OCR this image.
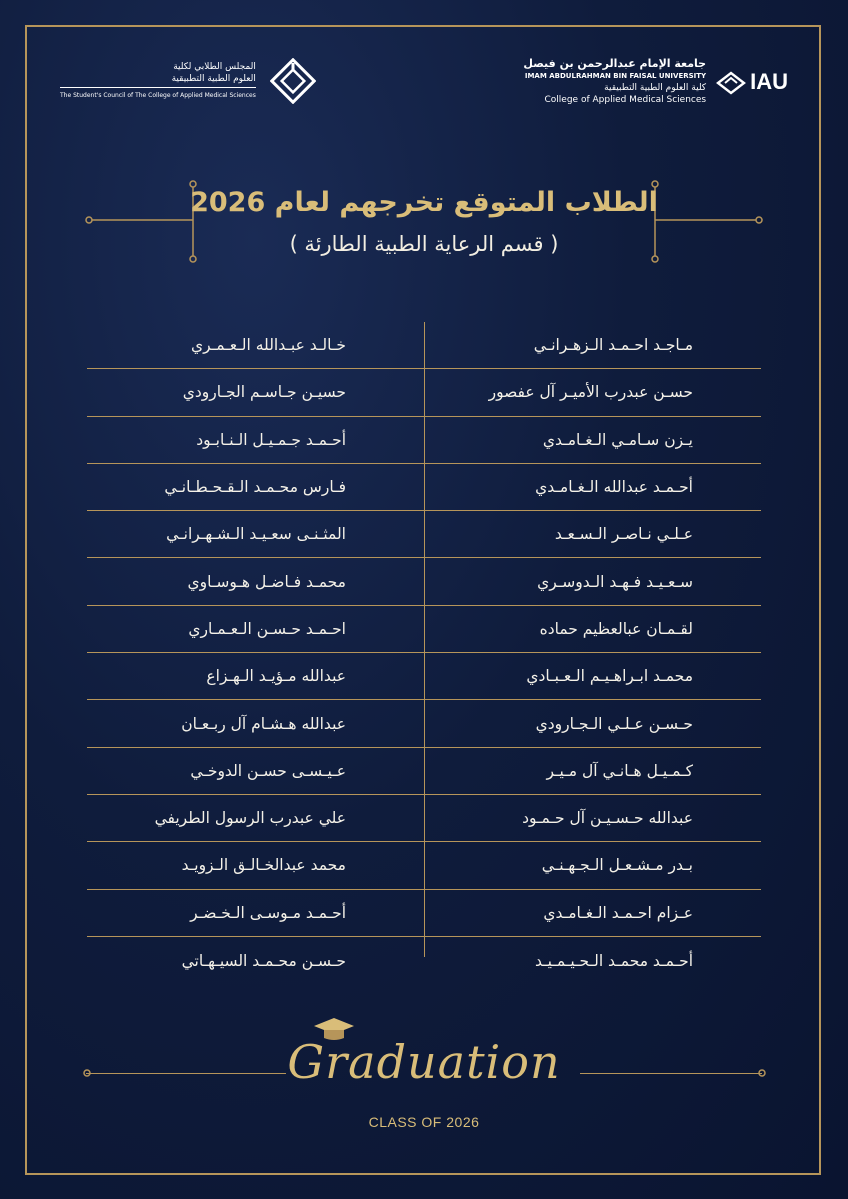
جامعة الإمام عبدالرحمن بن فيصل
IMAM ABDULRAHMAN BIN FAISAL UNIVERSITY
كلية العلوم الطبية التطبيقية
College of Applied Medical Sciences
IAU
المجلس الطلابي لكلية
العلوم الطبية التطبيقية
The Student's Council of The College of Applied Medical Sciences
الطلاب المتوقع تخرجهم لعام 2026
( قسم الرعاية الطبية الطارئة )
خـالـد عبـدالله الـعـمـري	مـاجـد احـمـد الـزهـرانـي
حسيـن جـاسـم الجـارودي	حسـن عبدرب الأميـر آل عفصور
أحـمـد جـمـيـل الـنـابـود	يـزن سـامـي الـغـامـدي
فـارس محـمـد الـقـحـطـانـي	أحـمـد عبدالله الـغـامـدي
المثـنـى سعـيـد الـشـهـرانـي	عـلـي نـاصـر الـسـعـد
محمـد فـاضـل هـوسـاوي	سـعـيـد فـهـد الـدوسـري
احـمـد حـسـن الـعـمـاري	لقـمـان عبالعظيم حماده
عبدالله مـؤيـد الـهـزاع	محمـد ابـراهـيـم الـعـبـادي
عبدالله هـشـام آل ربـعـان	حـسـن عـلـي الـجـارودي
عـيـسـى حسـن الدوخـي	كـمـيـل هـانـي آل مـيـر
علي عبدرب الرسول الطريفي	عبدالله حـسـيـن آل حـمـود
محمد عبدالخـالـق الـزويـد	بـدر مـشـعـل الـجـهـنـي
أحـمـد مـوسـى الـخـضـر	عـزام احـمـد الـغـامـدي
حـسـن محـمـد السيـهـاتي	أحـمـد محمـد الـحـيـمـيـد
Graduation
CLASS OF 2026
